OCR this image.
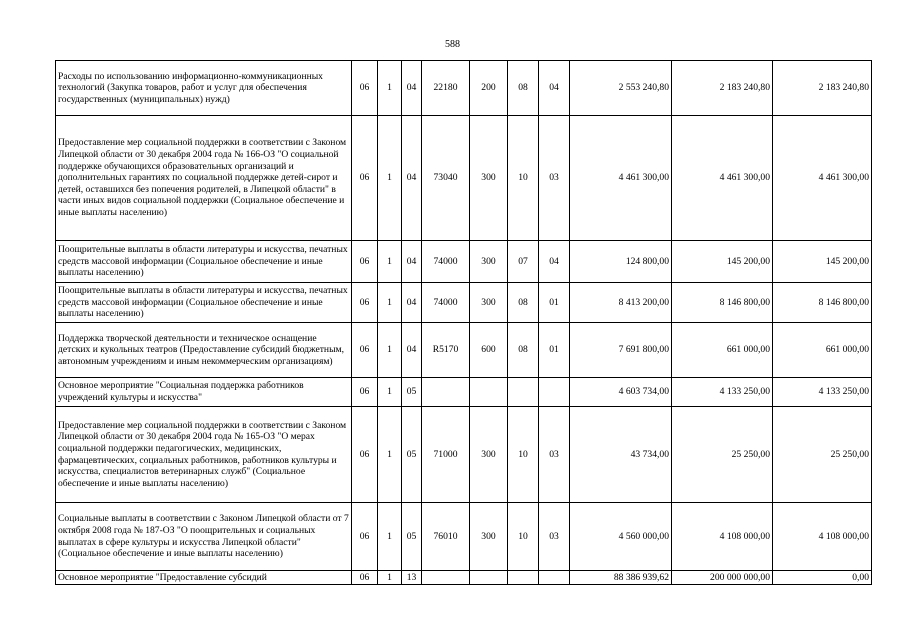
588
Расходы по использованию информационно-коммуникационных технологий (Закупка товаров, работ и услуг для обеспечения государственных (муниципальных) нужд)	06	1	04	22180	200	08	04	2 553 240,80	2 183 240,80	2 183 240,80
Предоставление мер социальной поддержки в соответствии с Законом Липецкой области от 30 декабря 2004 года № 166-ОЗ "О социальной поддержке обучающихся образовательных организаций и дополнительных гарантиях по социальной поддержке детей-сирот и детей, оставшихся без попечения родителей, в Липецкой области" в части иных видов социальной поддержки (Социальное обеспечение и иные выплаты населению)	06	1	04	73040	300	10	03	4 461 300,00	4 461 300,00	4 461 300,00
Поощрительные выплаты в области литературы и искусства, печатных средств массовой информации (Социальное обеспечение и иные выплаты населению)	06	1	04	74000	300	07	04	124 800,00	145 200,00	145 200,00
Поощрительные выплаты в области литературы и искусства, печатных средств массовой информации (Социальное обеспечение и иные выплаты населению)	06	1	04	74000	300	08	01	8 413 200,00	8 146 800,00	8 146 800,00
Поддержка творческой деятельности и техническое оснащение детских и кукольных театров (Предоставление субсидий бюджетным, автономным учреждениям и иным некоммерческим организациям)	06	1	04	R5170	600	08	01	7 691 800,00	661 000,00	661 000,00
Основное мероприятие "Социальная поддержка работников учреждений культуры и искусства"	06	1	05					4 603 734,00	4 133 250,00	4 133 250,00
Предоставление мер социальной поддержки в соответствии с Законом Липецкой области от 30 декабря 2004 года № 165-ОЗ "О мерах социальной поддержки педагогических, медицинских, фармацевтических, социальных работников, работников культуры и искусства, специалистов ветеринарных служб" (Социальное обеспечение и иные выплаты населению)	06	1	05	71000	300	10	03	43 734,00	25 250,00	25 250,00
Социальные выплаты в соответствии с Законом Липецкой области от 7 октября 2008 года № 187-ОЗ "О поощрительных и социальных выплатах в сфере культуры и искусства Липецкой области" (Социальное обеспечение и иные выплаты населению)	06	1	05	76010	300	10	03	4 560 000,00	4 108 000,00	4 108 000,00
Основное мероприятие "Предоставление субсидий	06	1	13					88 386 939,62	200 000 000,00	0,00
